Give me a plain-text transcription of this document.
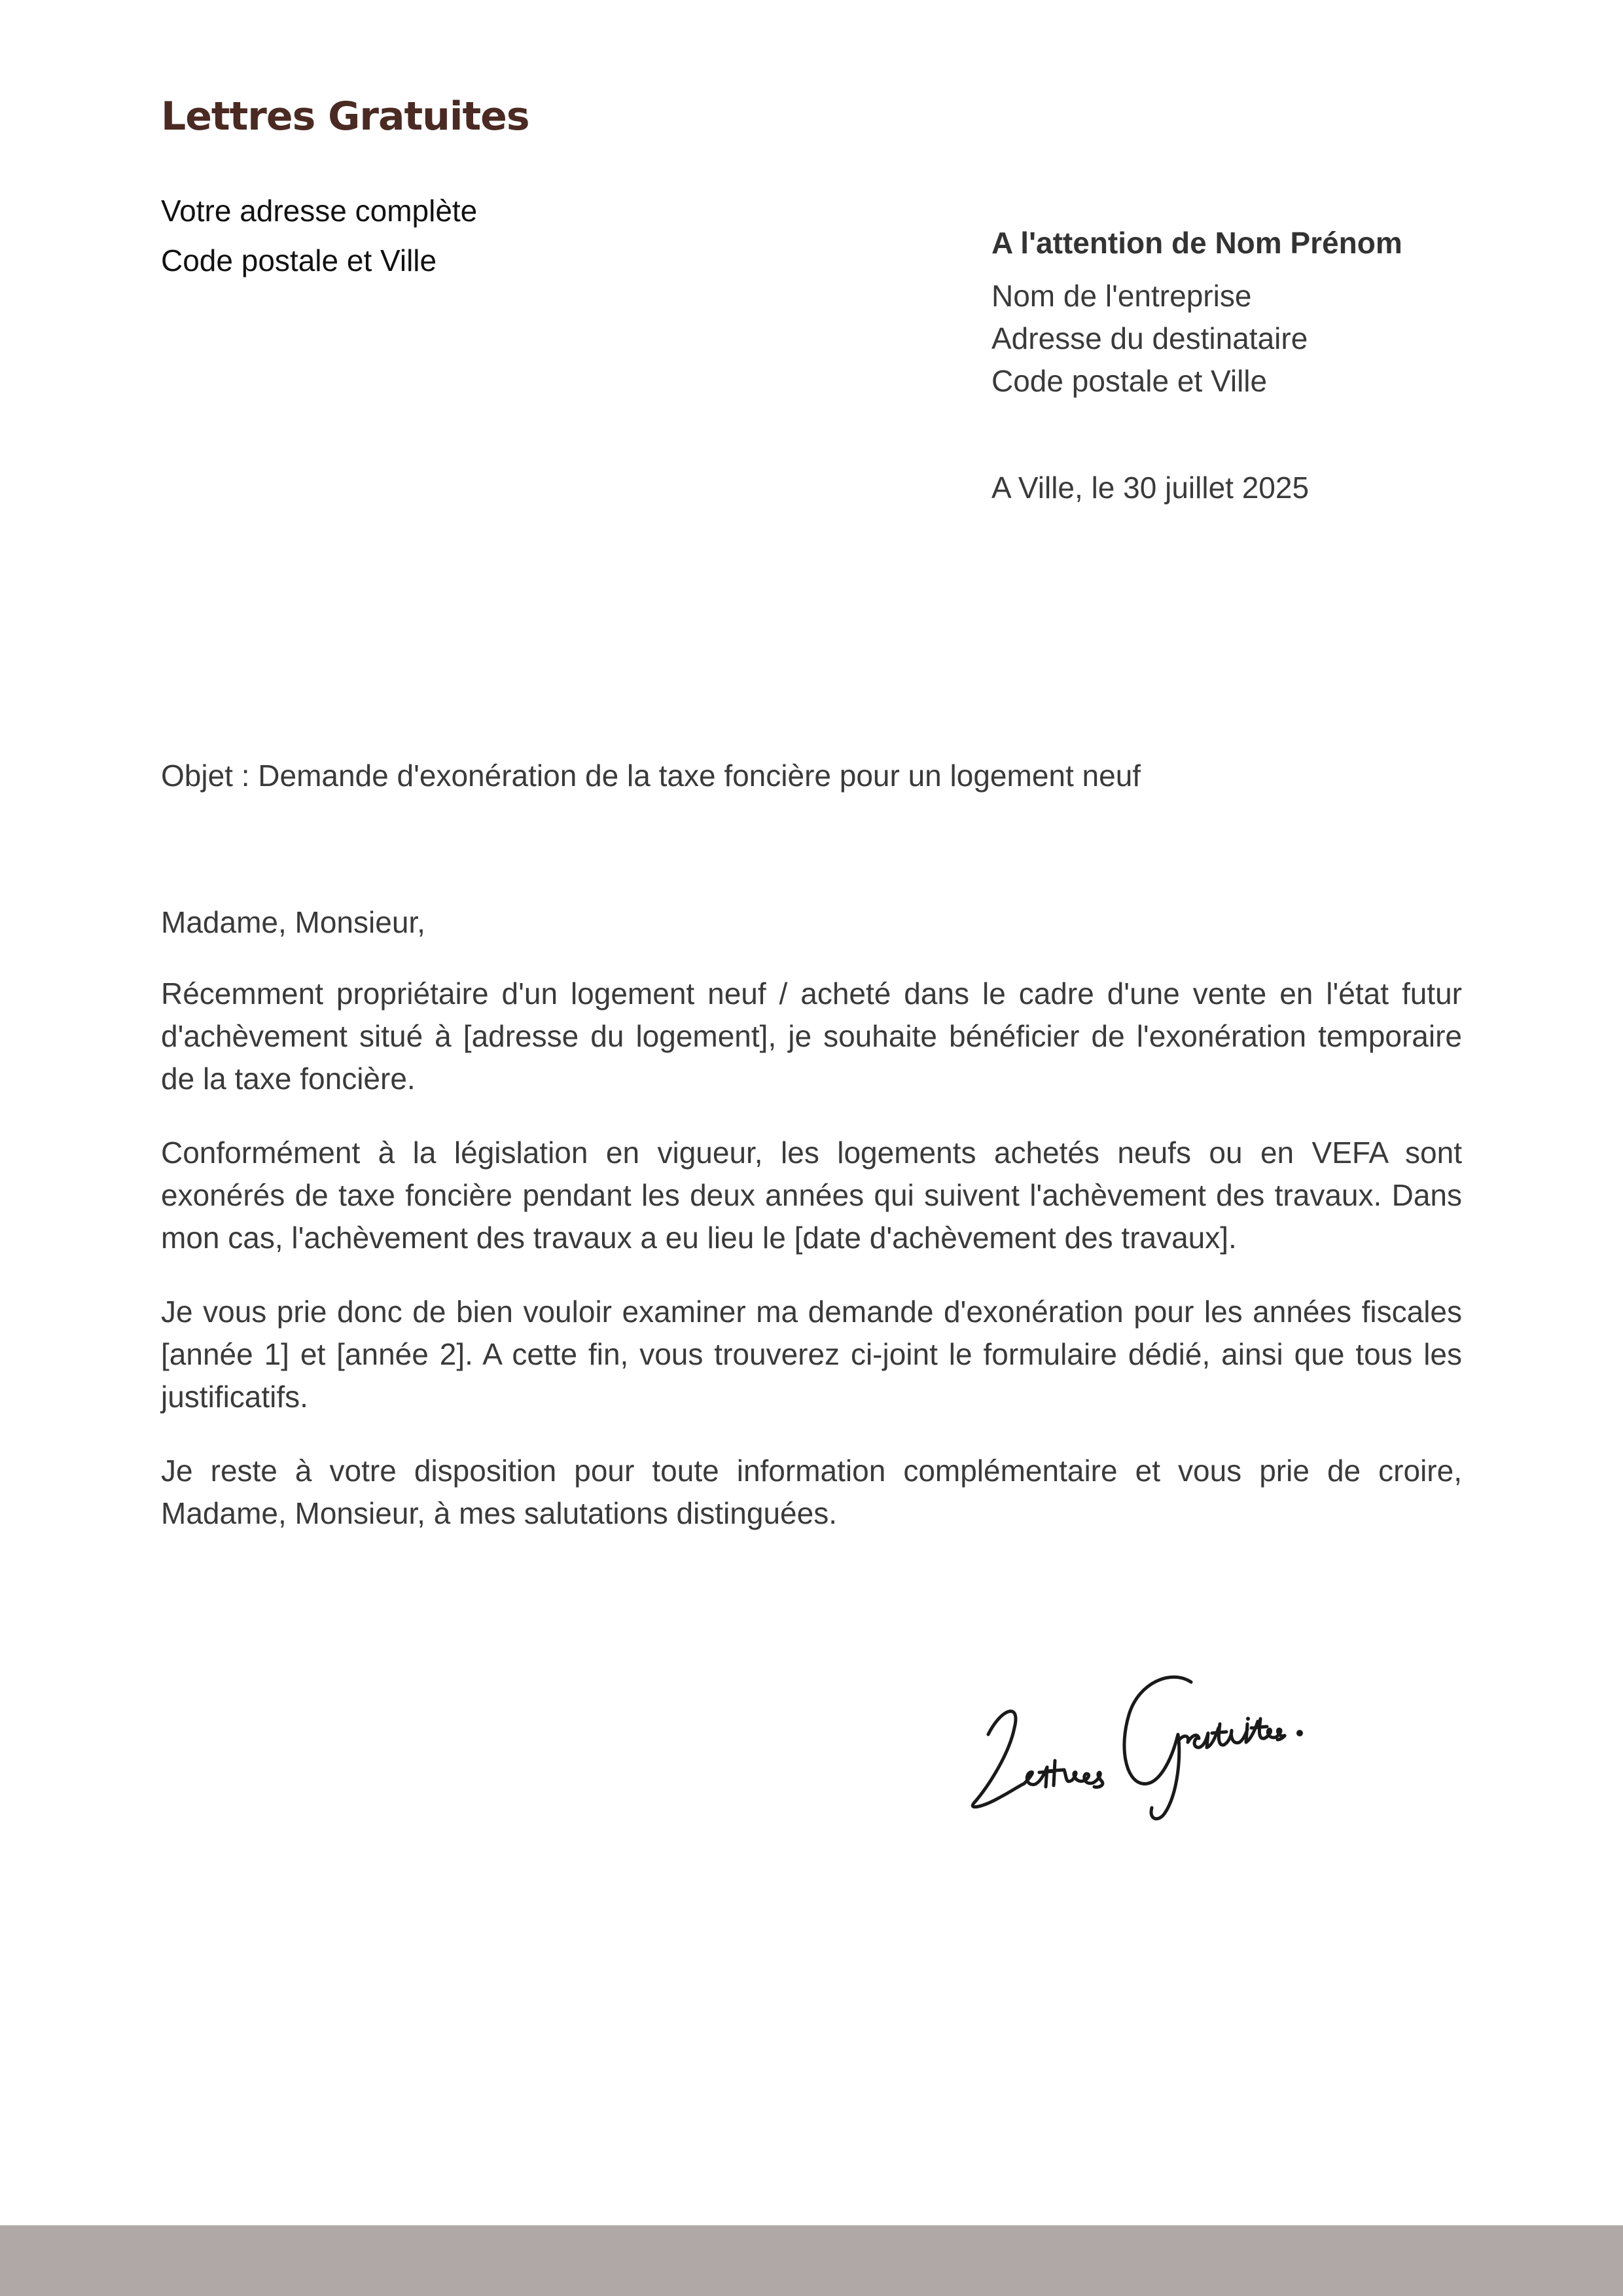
Lettres Gratuites
Votre adresse complète
Code postale et Ville
A l'attention de Nom Prénom
Nom de l'entreprise
Adresse du destinataire
Code postale et Ville
A Ville, le 30 juillet 2025
Objet : Demande d'exonération de la taxe foncière pour un logement neuf

Madame, Monsieur,

Récemment propriétaire d'un logement neuf / acheté dans le cadre d'une vente en l'état futur d'achèvement situé à [adresse du logement], je souhaite bénéficier de l'exonération temporaire de la taxe foncière.

Conformément à la législation en vigueur, les logements achetés neufs ou en VEFA sont exonérés de taxe foncière pendant les deux années qui suivent l'achèvement des travaux. Dans mon cas, l'achèvement des travaux a eu lieu le [date d'achèvement des travaux].

Je vous prie donc de bien vouloir examiner ma demande d'exonération pour les années fiscales [année 1] et [année 2]. A cette fin, vous trouverez ci-joint le formulaire dédié, ainsi que tous les justificatifs.

Je reste à votre disposition pour toute information complémentaire et vous prie de croire, Madame, Monsieur, à mes salutations distinguées.
